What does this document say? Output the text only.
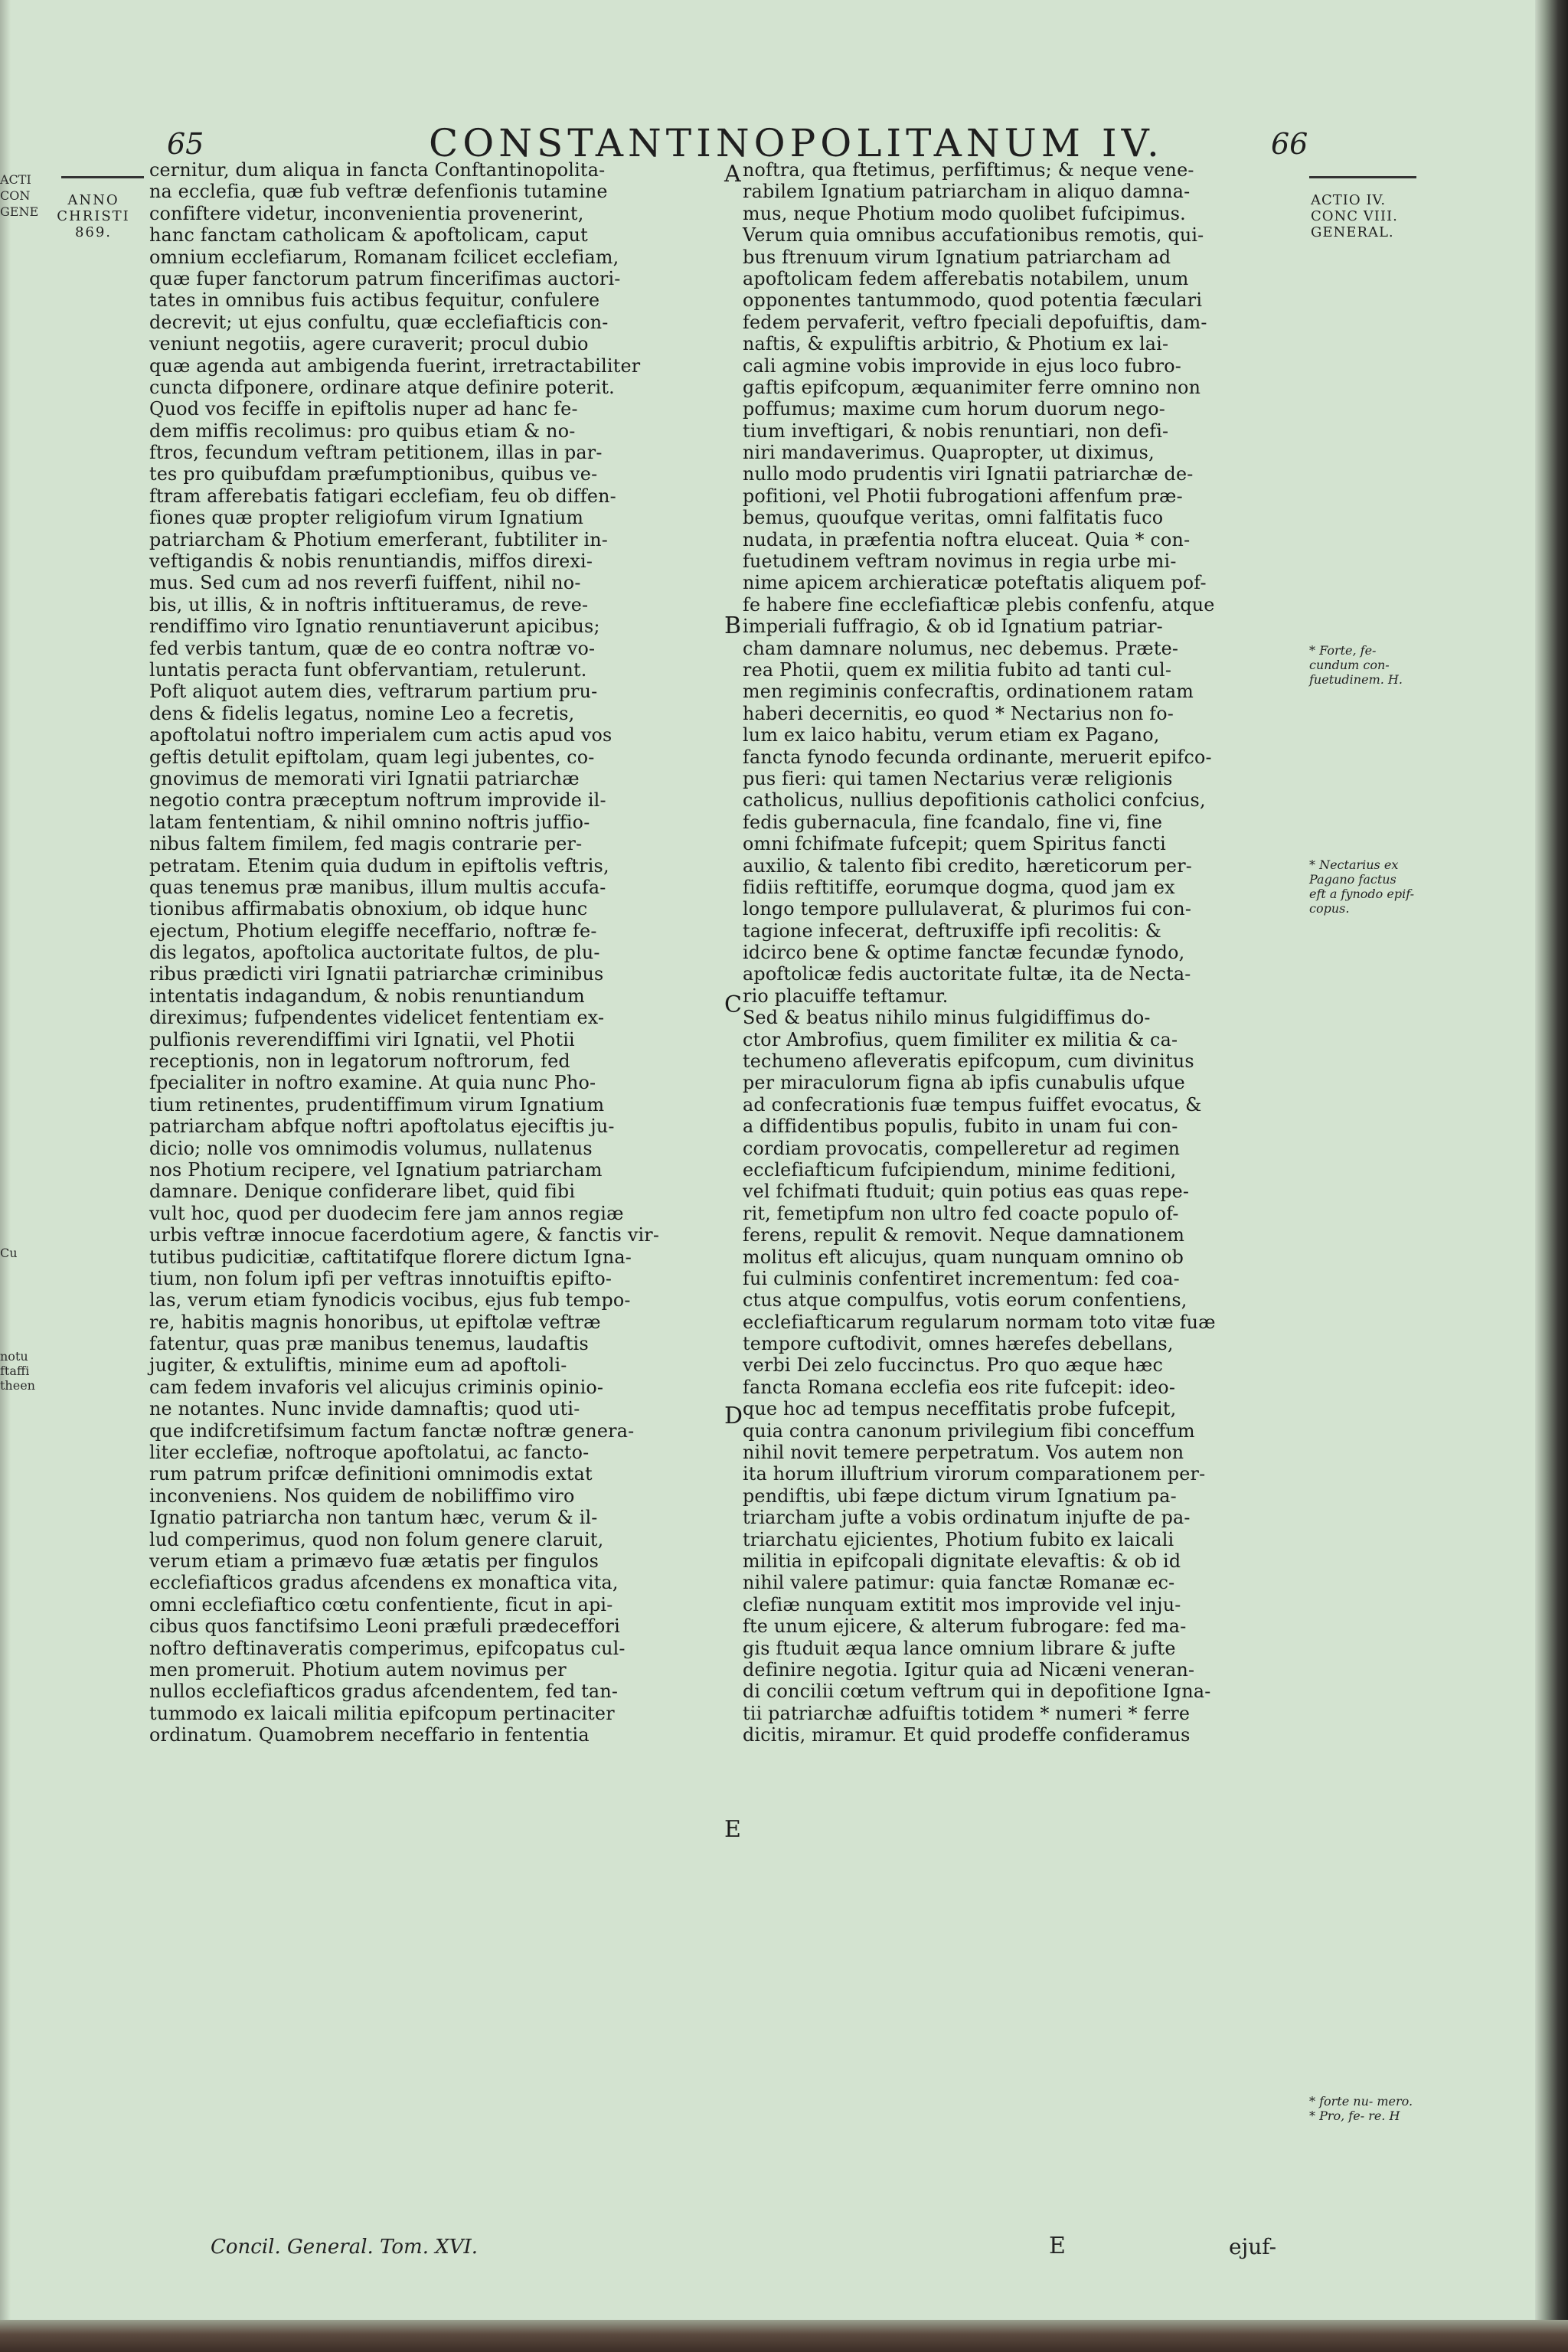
ACTI
CON
GENE
Cu
notu
ftaffi
theen
65	CONSTANTINOPOLITANUM IV.	66
ANNO
CHRISTI
869.
ACTIO IV.
CONC VIII.
GENERAL.
* Forte, fe- cundum con- fuetudinem. H.
* Nectarius ex Pagano factus eft a fynodo epif- copus.
* forte nu- mero. * Pro, fe- re. H
A
B
C
D
E
cernitur, dum aliqua in fancta Conftantinopolita-
na ecclefia, quæ fub veftræ defenfionis tutamine
confiftere videtur, inconvenientia provenerint,
hanc fanctam catholicam & apoftolicam, caput
omnium ecclefiarum, Romanam fcilicet ecclefiam,
quæ fuper fanctorum patrum fincerifimas auctori-
tates in omnibus fuis actibus fequitur, confulere
decrevit; ut ejus confultu, quæ ecclefiafticis con-
veniunt negotiis, agere curaverit; procul dubio
quæ agenda aut ambigenda fuerint, irretractabiliter
cuncta difponere, ordinare atque definire poterit.
Quod vos feciffe in epiftolis nuper ad hanc fe-
dem miffis recolimus: pro quibus etiam & no-
ftros, fecundum veftram petitionem, illas in par-
tes pro quibufdam præfumptionibus, quibus ve-
ftram afferebatis fatigari ecclefiam, feu ob diffen-
fiones quæ propter religiofum virum Ignatium
patriarcham & Photium emerferant, fubtiliter in-
veftigandis & nobis renuntiandis, miffos direxi-
mus. Sed cum ad nos reverfi fuiffent, nihil no-
bis, ut illis, & in noftris inftitueramus, de reve-
rendiffimo viro Ignatio renuntiaverunt apicibus;
fed verbis tantum, quæ de eo contra noftræ vo-
luntatis peracta funt obfervantiam, retulerunt.
Poft aliquot autem dies, veftrarum partium pru-
dens & fidelis legatus, nomine Leo a fecretis,
apoftolatui noftro imperialem cum actis apud vos
geftis detulit epiftolam, quam legi jubentes, co-
gnovimus de memorati viri Ignatii patriarchæ
negotio contra præceptum noftrum improvide il-
latam fententiam, & nihil omnino noftris juffio-
nibus faltem fimilem, fed magis contrarie per-
petratam. Etenim quia dudum in epiftolis veftris,
quas tenemus præ manibus, illum multis accufa-
tionibus affirmabatis obnoxium, ob idque hunc
ejectum, Photium elegiffe neceffario, noftræ fe-
dis legatos, apoftolica auctoritate fultos, de plu-
ribus prædicti viri Ignatii patriarchæ criminibus
intentatis indagandum, & nobis renuntiandum
direximus; fufpendentes videlicet fententiam ex-
pulfionis reverendiffimi viri Ignatii, vel Photii
receptionis, non in legatorum noftrorum, fed
fpecialiter in noftro examine. At quia nunc Pho-
tium retinentes, prudentiffimum virum Ignatium
patriarcham abfque noftri apoftolatus ejeciftis ju-
dicio; nolle vos omnimodis volumus, nullatenus
nos Photium recipere, vel Ignatium patriarcham
damnare. Denique confiderare libet, quid fibi
vult hoc, quod per duodecim fere jam annos regiæ
urbis veftræ innocue facerdotium agere, & fanctis vir-
tutibus pudicitiæ, caftitatifque florere dictum Igna-
tium, non folum ipfi per veftras innotuiftis epifto-
las, verum etiam fynodicis vocibus, ejus fub tempo-
re, habitis magnis honoribus, ut epiftolæ veftræ
fatentur, quas præ manibus tenemus, laudaftis
jugiter, & extuliftis, minime eum ad apoftoli-
cam fedem invaforis vel alicujus criminis opinio-
ne notantes. Nunc invide damnaftis; quod uti-
que indifcretifsimum factum fanctæ noftræ genera-
liter ecclefiæ, noftroque apoftolatui, ac fancto-
rum patrum prifcæ definitioni omnimodis extat
inconveniens. Nos quidem de nobiliffimo viro
Ignatio patriarcha non tantum hæc, verum & il-
lud comperimus, quod non folum genere claruit,
verum etiam a primævo fuæ ætatis per fingulos
ecclefiafticos gradus afcendens ex monaftica vita,
omni ecclefiaftico cœtu confentiente, ficut in api-
cibus quos fanctifsimo Leoni præfuli prædeceffori
noftro deftinaveratis comperimus, epifcopatus cul-
men promeruit. Photium autem novimus per
nullos ecclefiafticos gradus afcendentem, fed tan-
tummodo ex laicali militia epifcopum pertinaciter
ordinatum. Quamobrem neceffario in fententia
noftra, qua ftetimus, perfiftimus; & neque vene-
rabilem Ignatium patriarcham in aliquo damna-
mus, neque Photium modo quolibet fufcipimus.
Verum quia omnibus accufationibus remotis, qui-
bus ftrenuum virum Ignatium patriarcham ad
apoftolicam fedem afferebatis notabilem, unum
opponentes tantummodo, quod potentia fæculari
fedem pervaferit, veftro fpeciali depofuiftis, dam-
naftis, & expuliftis arbitrio, & Photium ex lai-
cali agmine vobis improvide in ejus loco fubro-
gaftis epifcopum, æquanimiter ferre omnino non
poffumus; maxime cum horum duorum nego-
tium inveftigari, & nobis renuntiari, non defi-
niri mandaverimus. Quapropter, ut diximus,
nullo modo prudentis viri Ignatii patriarchæ de-
pofitioni, vel Photii fubrogationi affenfum præ-
bemus, quoufque veritas, omni falfitatis fuco
nudata, in præfentia noftra eluceat. Quia * con-
fuetudinem veftram novimus in regia urbe mi-
nime apicem archieraticæ poteftatis aliquem pof-
fe habere fine ecclefiafticæ plebis confenfu, atque
imperiali fuffragio, & ob id Ignatium patriar-
cham damnare nolumus, nec debemus. Præte-
rea Photii, quem ex militia fubito ad tanti cul-
men regiminis confecraftis, ordinationem ratam
haberi decernitis, eo quod * Nectarius non fo-
lum ex laico habitu, verum etiam ex Pagano,
fancta fynodo fecunda ordinante, meruerit epifco-
pus fieri: qui tamen Nectarius veræ religionis
catholicus, nullius depofitionis catholici confcius,
fedis gubernacula, fine fcandalo, fine vi, fine
omni fchifmate fufcepit; quem Spiritus fancti
auxilio, & talento fibi credito, hæreticorum per-
fidiis reftitiffe, eorumque dogma, quod jam ex
longo tempore pullulaverat, & plurimos fui con-
tagione infecerat, deftruxiffe ipfi recolitis: &
idcirco bene & optime fanctæ fecundæ fynodo,
apoftolicæ fedis auctoritate fultæ, ita de Necta-
rio placuiffe teftamur.
Sed & beatus nihilo minus fulgidiffimus do-
ctor Ambrofius, quem fimiliter ex militia & ca-
techumeno afleveratis epifcopum, cum divinitus
per miraculorum figna ab ipfis cunabulis ufque
ad confecrationis fuæ tempus fuiffet evocatus, &
a diffidentibus populis, fubito in unam fui con-
cordiam provocatis, compelleretur ad regimen
ecclefiafticum fufcipiendum, minime feditioni,
vel fchifmati ftuduit; quin potius eas quas repe-
rit, femetipfum non ultro fed coacte populo of-
ferens, repulit & removit. Neque damnationem
molitus eft alicujus, quam nunquam omnino ob
fui culminis confentiret incrementum: fed coa-
ctus atque compulfus, votis eorum confentiens,
ecclefiafticarum regularum normam toto vitæ fuæ
tempore cuftodivit, omnes hærefes debellans,
verbi Dei zelo fuccinctus. Pro quo æque hæc
fancta Romana ecclefia eos rite fufcepit: ideo-
que hoc ad tempus neceffitatis probe fufcepit,
quia contra canonum privilegium fibi conceffum
nihil novit temere perpetratum. Vos autem non
ita horum illuftrium virorum comparationem per-
pendiftis, ubi fæpe dictum virum Ignatium pa-
triarcham jufte a vobis ordinatum injufte de pa-
triarchatu ejicientes, Photium fubito ex laicali
militia in epifcopali dignitate elevaftis: & ob id
nihil valere patimur: quia fanctæ Romanæ ec-
clefiæ nunquam extitit mos improvide vel inju-
fte unum ejicere, & alterum fubrogare: fed ma-
gis ftuduit æqua lance omnium librare & jufte
definire negotia. Igitur quia ad Nicæni veneran-
di concilii cœtum veftrum qui in depofitione Igna-
tii patriarchæ adfuiftis totidem * numeri * ferre
dicitis, miramur. Et quid prodeffe confideramus
Concil. General. Tom. XVI.	E	ejuf-
